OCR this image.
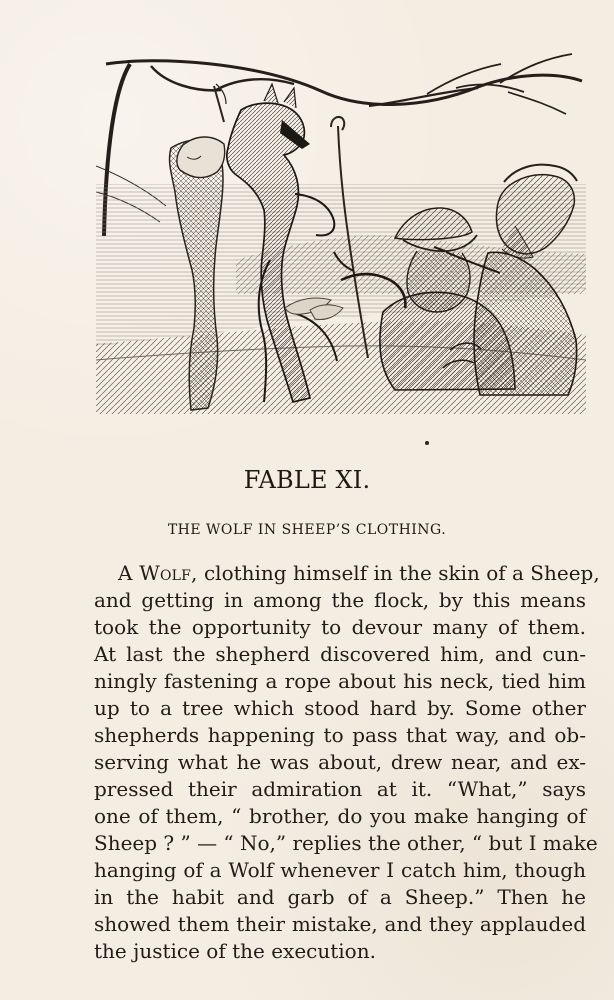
FABLE XI.
THE WOLF IN SHEEP’S CLOTHING.
A Wolf, clothing himself in the skin of a Sheep,
and getting in among the flock, by this means
took the opportunity to devour many of them.
At last the shepherd discovered him, and cun-
ningly fastening a rope about his neck, tied him
up to a tree which stood hard by. Some other
shepherds happening to pass that way, and ob-
serving what he was about, drew near, and ex-
pressed their admiration at it. “What,” says
one of them, “ brother, do you make hanging of
Sheep ? ” — “ No,” replies the other, “ but I make
hanging of a Wolf whenever I catch him, though
in the habit and garb of a Sheep.” Then he
showed them their mistake, and they applauded
the justice of the execution.
